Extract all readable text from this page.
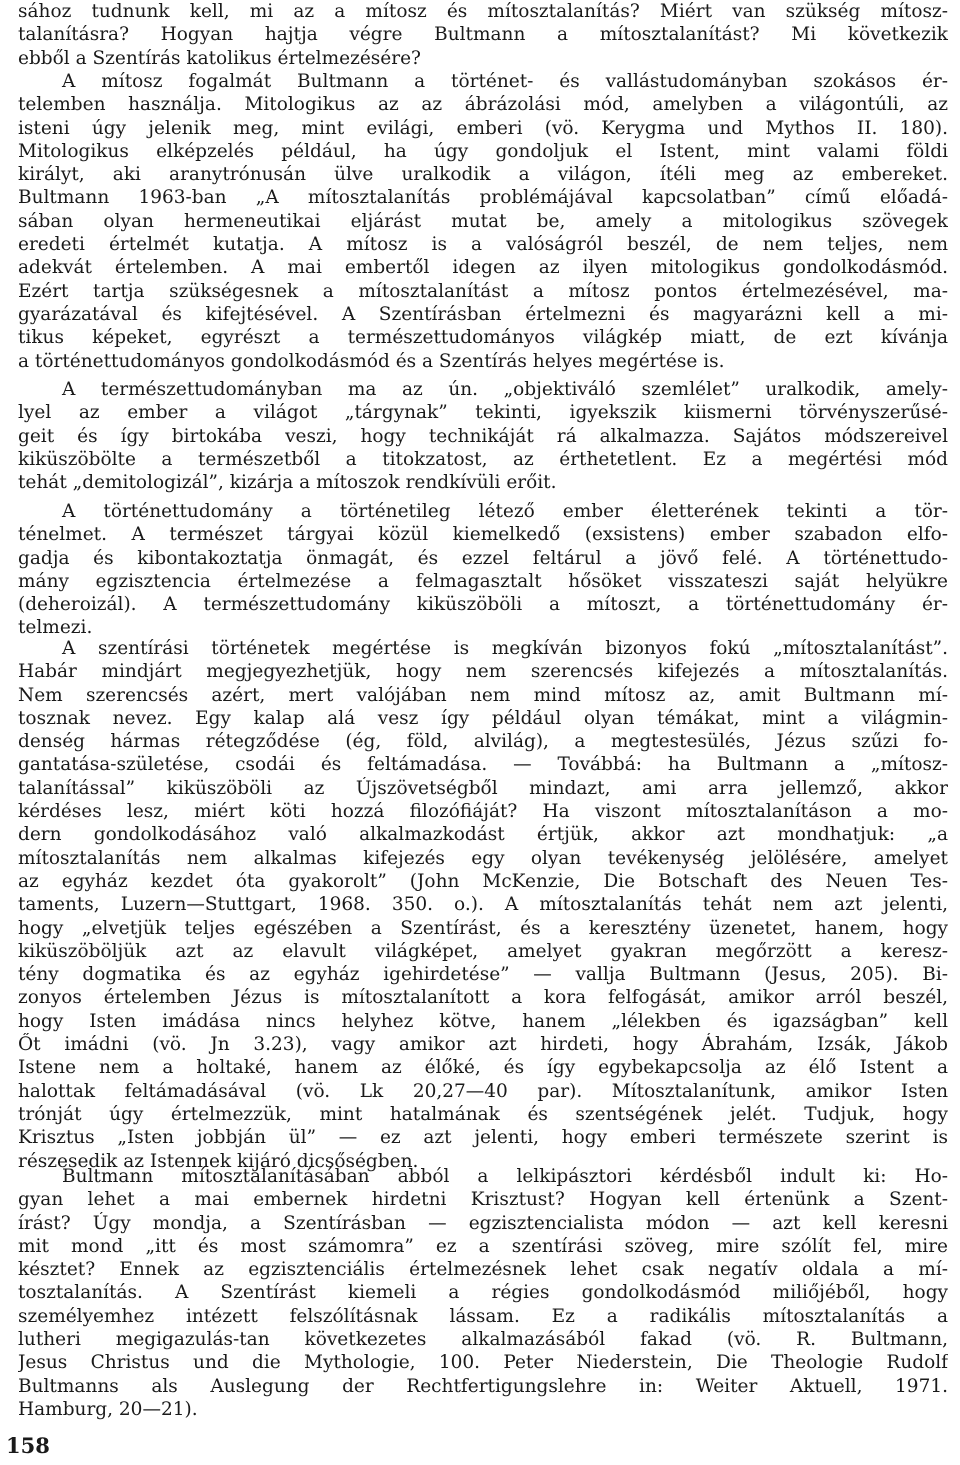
sához tudnunk kell, mi az a mítosz és mítosztalanítás? Miért van szükség mítosz-
talanításra? Hogyan hajtja végre Bultmann a mítosztalanítást? Mi következik
ebből a Szentírás katolikus értelmezésére?
A mítosz fogalmát Bultmann a történet- és vallástudományban szokásos ér-
telemben használja. Mitologikus az az ábrázolási mód, amelyben a világontúli, az
isteni úgy jelenik meg, mint evilági, emberi (vö. Kerygma und Mythos II. 180).
Mitologikus elképzelés például, ha úgy gondoljuk el Istent, mint valami földi
királyt, aki aranytrónusán ülve uralkodik a világon, ítéli meg az embereket.
Bultmann 1963-ban „A mítosztalanítás problémájával kapcsolatban” című előadá-
sában olyan hermeneutikai eljárást mutat be, amely a mitologikus szövegek
eredeti értelmét kutatja. A mítosz is a valóságról beszél, de nem teljes, nem
adekvát értelemben. A mai embertől idegen az ilyen mitologikus gondolkodásmód.
Ezért tartja szükségesnek a mítosztalanítást a mítosz pontos értelmezésével, ma-
gyarázatával és kifejtésével. A Szentírásban értelmezni és magyarázni kell a mi-
tikus képeket, egyrészt a természettudományos világkép miatt, de ezt kívánja
a történettudományos gondolkodásmód és a Szentírás helyes megértése is.
A természettudományban ma az ún. „objektiváló szemlélet” uralkodik, amely-
lyel az ember a világot „tárgynak” tekinti, igyekszik kiismerni törvényszerűsé-
geit és így birtokába veszi, hogy technikáját rá alkalmazza. Sajátos módszereivel
kiküszöbölte a természetből a titokzatost, az érthetetlent. Ez a megértési mód
tehát „demitologizál”, kizárja a mítoszok rendkívüli erőit.
A történettudomány a történetileg létező ember életterének tekinti a tör-
ténelmet. A természet tárgyai közül kiemelkedő (exsistens) ember szabadon elfo-
gadja és kibontakoztatja önmagát, és ezzel feltárul a jövő felé. A történettudo-
mány egzisztencia értelmezése a felmagasztalt hősöket visszateszi saját helyükre
(deheroizál). A természettudomány kiküszöböli a mítoszt, a történettudomány ér-
telmezi.
A szentírási történetek megértése is megkíván bizonyos fokú „mítosztalanítást”.
Habár mindjárt megjegyezhetjük, hogy nem szerencsés kifejezés a mítosztalanítás.
Nem szerencsés azért, mert valójában nem mind mítosz az, amit Bultmann mí-
tosznak nevez. Egy kalap alá vesz így például olyan témákat, mint a világmin-
denség hármas rétegződése (ég, föld, alvilág), a megtestesülés, Jézus szűzi fo-
gantatása-születése, csodái és feltámadása. — Továbbá: ha Bultmann a „mítosz-
talanítással” kiküszöböli az Újszövetségből mindazt, ami arra jellemző, akkor
kérdéses lesz, miért köti hozzá filozófiáját? Ha viszont mítosztalanításon a mo-
dern gondolkodásához való alkalmazkodást értjük, akkor azt mondhatjuk: „a
mítosztalanítás nem alkalmas kifejezés egy olyan tevékenység jelölésére, amelyet
az egyház kezdet óta gyakorolt” (John McKenzie, Die Botschaft des Neuen Tes-
taments, Luzern—Stuttgart, 1968. 350. o.). A mítosztalanítás tehát nem azt jelenti,
hogy „elvetjük teljes egészében a Szentírást, és a keresztény üzenetet, hanem, hogy
kiküszöböljük azt az elavult világképet, amelyet gyakran megőrzött a keresz-
tény dogmatika és az egyház igehirdetése” — vallja Bultmann (Jesus, 205). Bi-
zonyos értelemben Jézus is mítosztalanított a kora felfogását, amikor arról beszél,
hogy Isten imádása nincs helyhez kötve, hanem „lélekben és igazságban” kell
Őt imádni (vö. Jn 3.23), vagy amikor azt hirdeti, hogy Ábrahám, Izsák, Jákob
Istene nem a holtaké, hanem az élőké, és így egybekapcsolja az élő Istent a
halottak feltámadásával (vö. Lk 20,27—40 par). Mítosztalanítunk, amikor Isten
trónját úgy értelmezzük, mint hatalmának és szentségének jelét. Tudjuk, hogy
Krisztus „Isten jobbján ül” — ez azt jelenti, hogy emberi természete szerint is
részesedik az Istennek kijáró dicsőségben.
Bultmann mítosztalanításában abból a lelkipásztori kérdésből indult ki: Ho-
gyan lehet a mai embernek hirdetni Krisztust? Hogyan kell értenünk a Szent-
írást? Úgy mondja, a Szentírásban — egzisztencialista módon — azt kell keresni
mit mond „itt és most számomra” ez a szentírási szöveg, mire szólít fel, mire
késztet? Ennek az egzisztenciális értelmezésnek lehet csak negatív oldala a mí-
tosztalanítás. A Szentírást kiemeli a régies gondolkodásmód miliőjéből, hogy
személyemhez intézett felszólításnak lássam. Ez a radikális mítosztalanítás a
lutheri megigazulás-tan következetes alkalmazásából fakad (vö. R. Bultmann,
Jesus Christus und die Mythologie, 100. Peter Niederstein, Die Theologie Rudolf
Bultmanns als Auslegung der Rechtfertigungslehre in: Weiter Aktuell, 1971.
Hamburg, 20—21).
158
